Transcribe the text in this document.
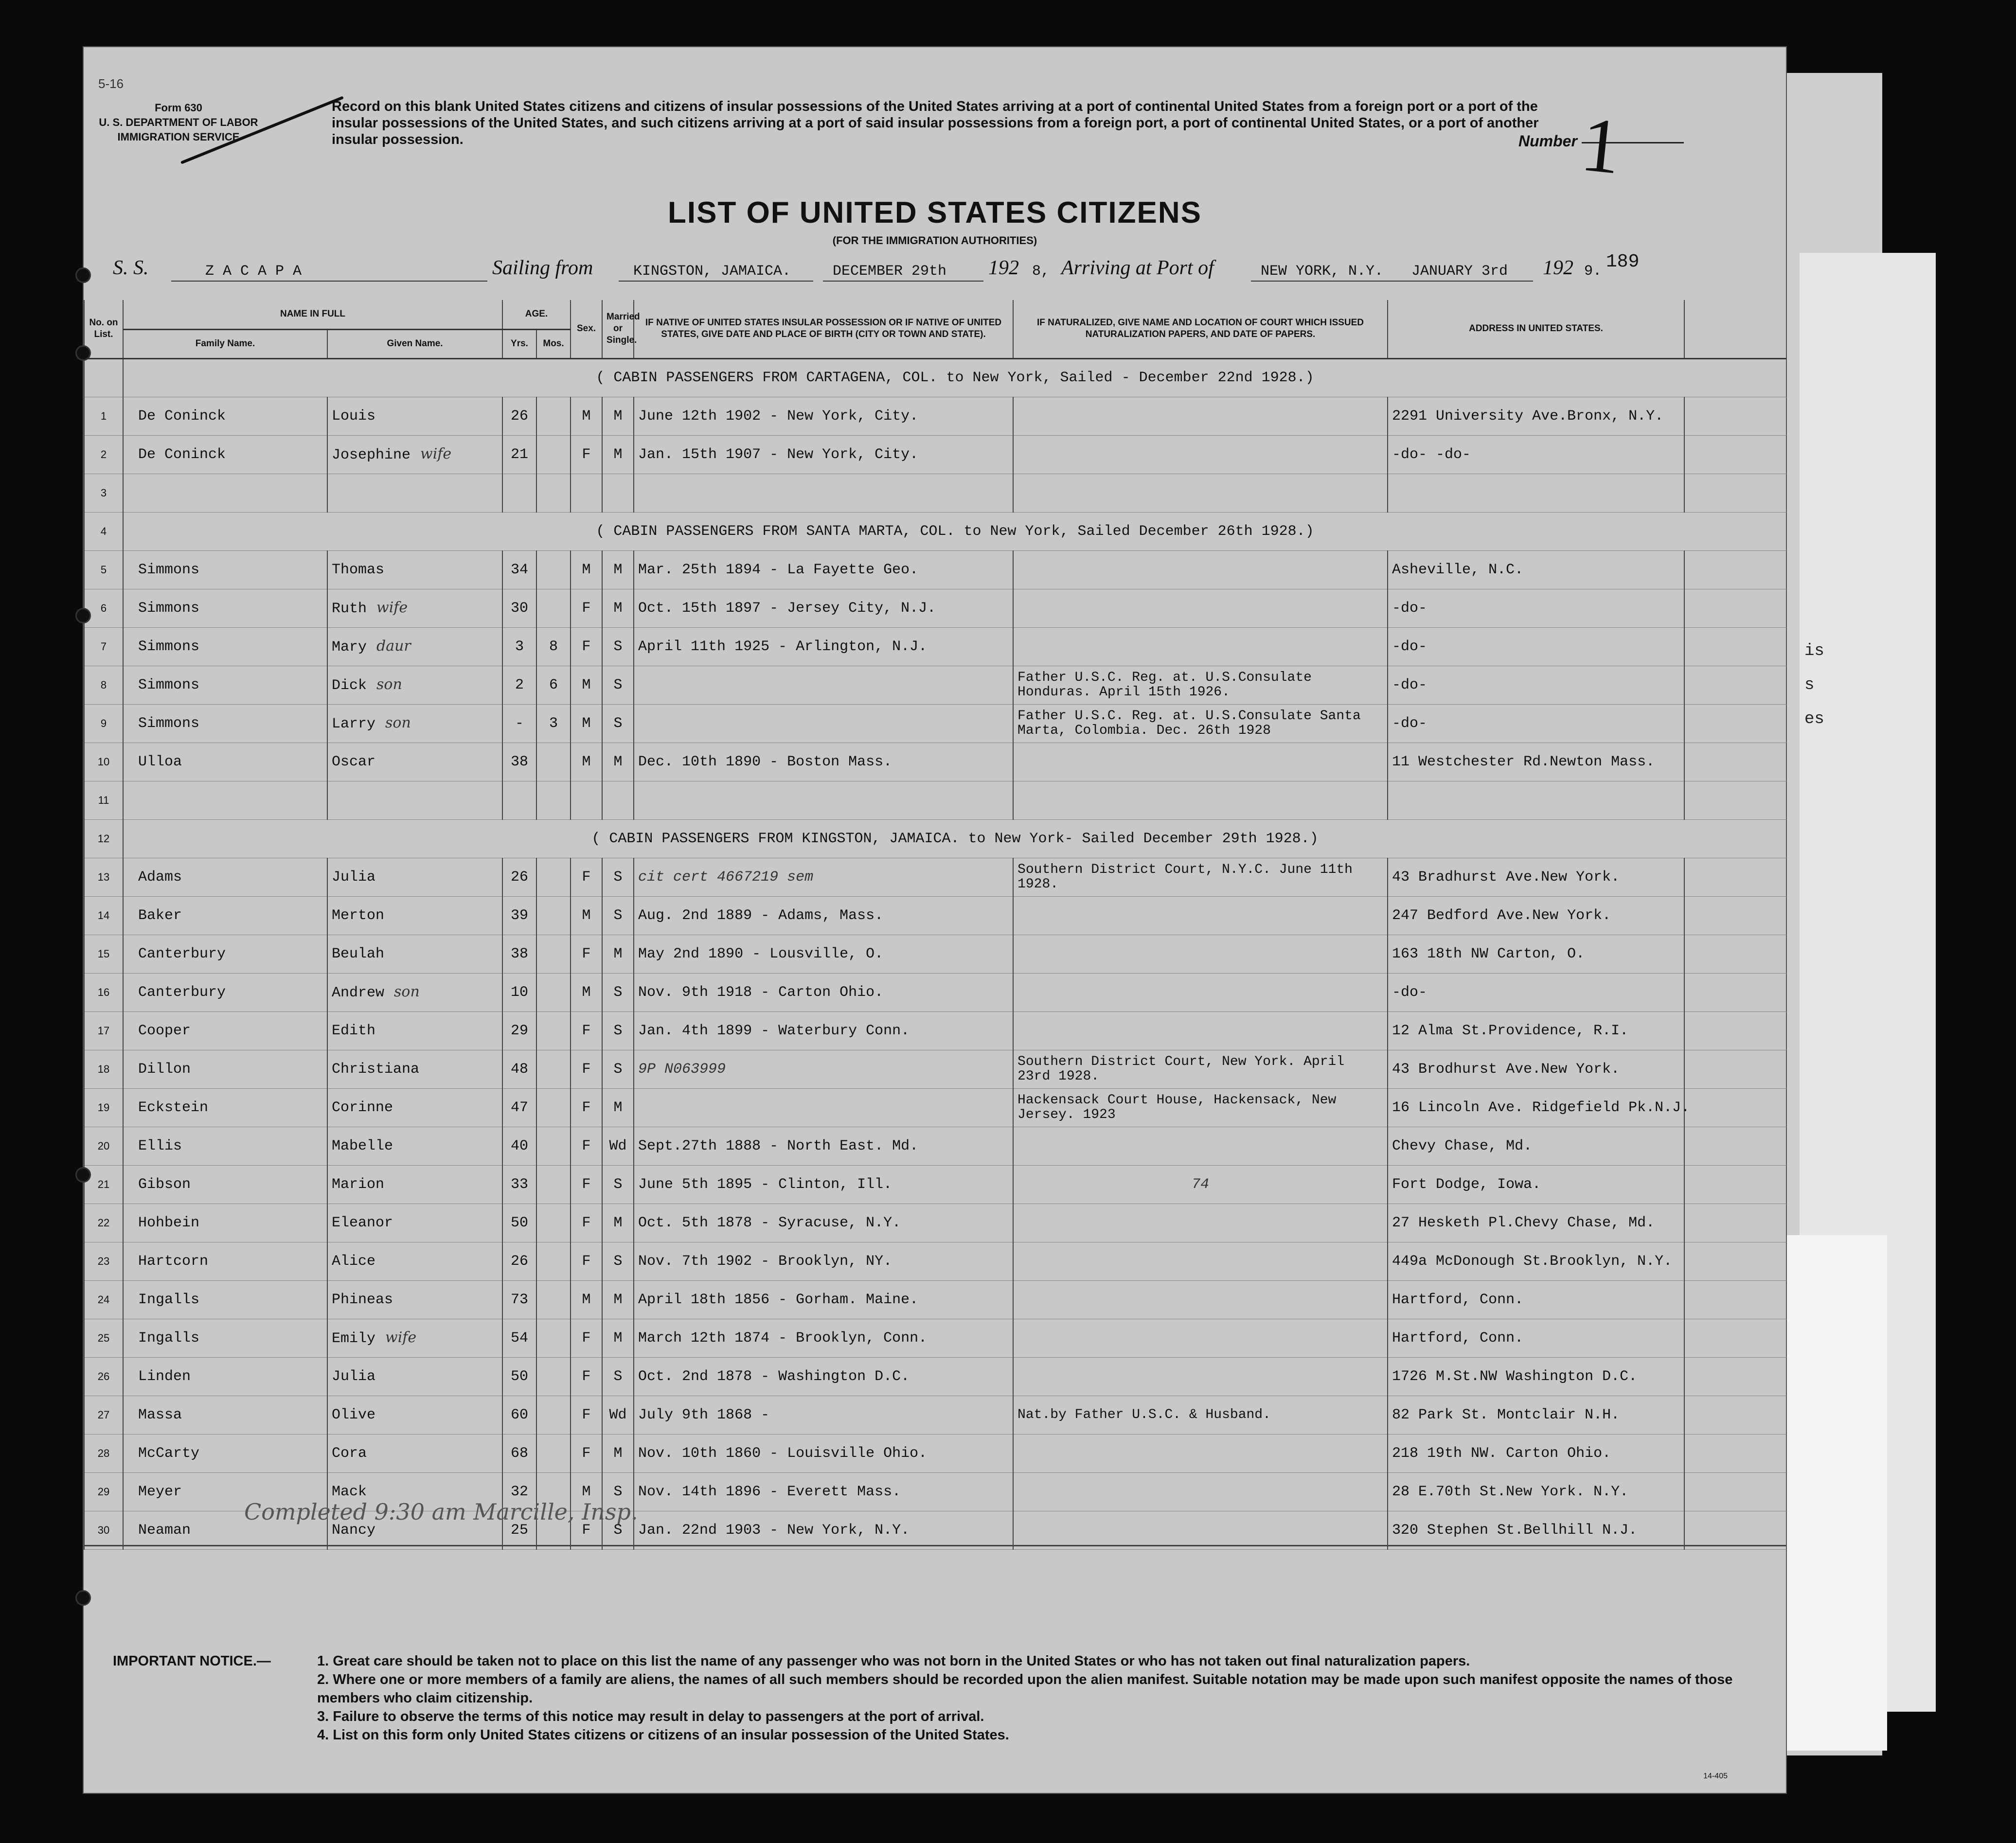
is
s
es
5-16
Form 630
U. S. DEPARTMENT OF LABOR
IMMIGRATION SERVICE
Record on this blank United States citizens and citizens of insular possessions of the United States arriving at a port of continental United States from a foreign port or a port of the insular possessions of the United States, and such citizens arriving at a port of said insular possessions from a foreign port, a port of continental United States, or a port of another insular possession.	Number 1
LIST OF UNITED STATES CITIZENS
(FOR THE IMMIGRATION AUTHORITIES)
S. S.	Z A C A P A	Sailing from	KINGSTON, JAMAICA.	DECEMBER 29th 192 8, Arriving at Port of	NEW YORK, N.Y. JANUARY 3rd 192 9. 189
No. on List.	NAME IN FULL		AGE.		Sex.	Married or Single.	IF NATIVE OF UNITED STATES INSULAR POSSESSION OR IF NATIVE OF UNITED STATES, GIVE DATE AND PLACE OF BIRTH (CITY OR TOWN AND STATE).	IF NATURALIZED, GIVE NAME AND LOCATION OF COURT WHICH ISSUED NATURALIZATION PAPERS, AND DATE OF PAPERS.	ADDRESS IN UNITED STATES.	
	Family Name.	Given Name.	Yrs.	Mos.						
	( CABIN PASSENGERS FROM CARTAGENA, COL. to New York, Sailed - December 22nd 1928.)									
1	De Coninck	Louis	26		M	M	June 12th 1902 - New York, City.		2291 University Ave.Bronx, N.Y.	
2	De Coninck	Josephine wife	21		F	M	Jan. 15th 1907 - New York, City.		-do- -do-	
3										
4	( CABIN PASSENGERS FROM SANTA MARTA, COL. to New York, Sailed December 26th 1928.)									
5	Simmons	Thomas	34		M	M	Mar. 25th 1894 - La Fayette Geo.		Asheville, N.C.	
6	Simmons	Ruth wife	30		F	M	Oct. 15th 1897 - Jersey City, N.J.		-do-	
7	Simmons	Mary daur	3	8	F	S	April 11th 1925 - Arlington, N.J.		-do-	
8	Simmons	Dick son	2	6	M	S		Father U.S.C. Reg. at. U.S.Consulate Honduras. April 15th 1926.	-do-	
9	Simmons	Larry son	-	3	M	S		Father U.S.C. Reg. at. U.S.Consulate Santa Marta, Colombia. Dec. 26th 1928	-do-	
10	Ulloa	Oscar	38		M	M	Dec. 10th 1890 - Boston Mass.		11 Westchester Rd.Newton Mass.	
11										
12	( CABIN PASSENGERS FROM KINGSTON, JAMAICA. to New York- Sailed December 29th 1928.)									
13	Adams	Julia	26		F	S	cit cert 4667219 sem	Southern District Court, N.Y.C. June 11th 1928.	43 Bradhurst Ave.New York.	
14	Baker	Merton	39		M	S	Aug. 2nd 1889 - Adams, Mass.		247 Bedford Ave.New York.	
15	Canterbury	Beulah	38		F	M	May 2nd 1890 - Lousville, O.		163 18th NW Carton, O.	
16	Canterbury	Andrew son	10		M	S	Nov. 9th 1918 - Carton Ohio.		-do-	
17	Cooper	Edith	29		F	S	Jan. 4th 1899 - Waterbury Conn.		12 Alma St.Providence, R.I.	
18	Dillon	Christiana	48		F	S	9P N063999	Southern District Court, New York. April 23rd 1928.	43 Brodhurst Ave.New York.	
19	Eckstein	Corinne	47		F	M		Hackensack Court House, Hackensack, New Jersey. 1923	16 Lincoln Ave. Ridgefield Pk.N.J.	
20	Ellis	Mabelle	40		F	Wd	Sept.27th 1888 - North East. Md.		Chevy Chase, Md.	
21	Gibson	Marion	33		F	S	June 5th 1895 - Clinton, Ill.	74	Fort Dodge, Iowa.	
22	Hohbein	Eleanor	50		F	M	Oct. 5th 1878 - Syracuse, N.Y.		27 Hesketh Pl.Chevy Chase, Md.	
23	Hartcorn	Alice	26		F	S	Nov. 7th 1902 - Brooklyn, NY.		449a McDonough St.Brooklyn, N.Y.	
24	Ingalls	Phineas	73		M	M	April 18th 1856 - Gorham. Maine.		Hartford, Conn.	
25	Ingalls	Emily wife	54		F	M	March 12th 1874 - Brooklyn, Conn.		Hartford, Conn.	
26	Linden	Julia	50		F	S	Oct. 2nd 1878 - Washington D.C.		1726 M.St.NW Washington D.C.	
27	Massa	Olive	60		F	Wd	July 9th 1868 -	Nat.by Father U.S.C. & Husband.	82 Park St. Montclair N.H.	
28	McCarty	Cora	68		F	M	Nov. 10th 1860 - Louisville Ohio.		218 19th NW. Carton Ohio.	
29	Meyer	Mack	32		M	S	Nov. 14th 1896 - Everett Mass.		28 E.70th St.New York. N.Y.	
30	Neaman	Nancy	25		F	S	Jan. 22nd 1903 - New York, N.Y.		320 Stephen St.Bellhill N.J.	
Completed 9:30 am Marcille, Insp.
IMPORTANT NOTICE.—	1. Great care should be taken not to place on this list the name of any passenger who was not born in the United States or who has not taken out final naturalization papers.
2. Where one or more members of a family are aliens, the names of all such members should be recorded upon the alien manifest. Suitable notation may be made upon such manifest opposite the names of those members who claim citizenship.
3. Failure to observe the terms of this notice may result in delay to passengers at the port of arrival.
4. List on this form only United States citizens or citizens of an insular possession of the United States.
14-405
